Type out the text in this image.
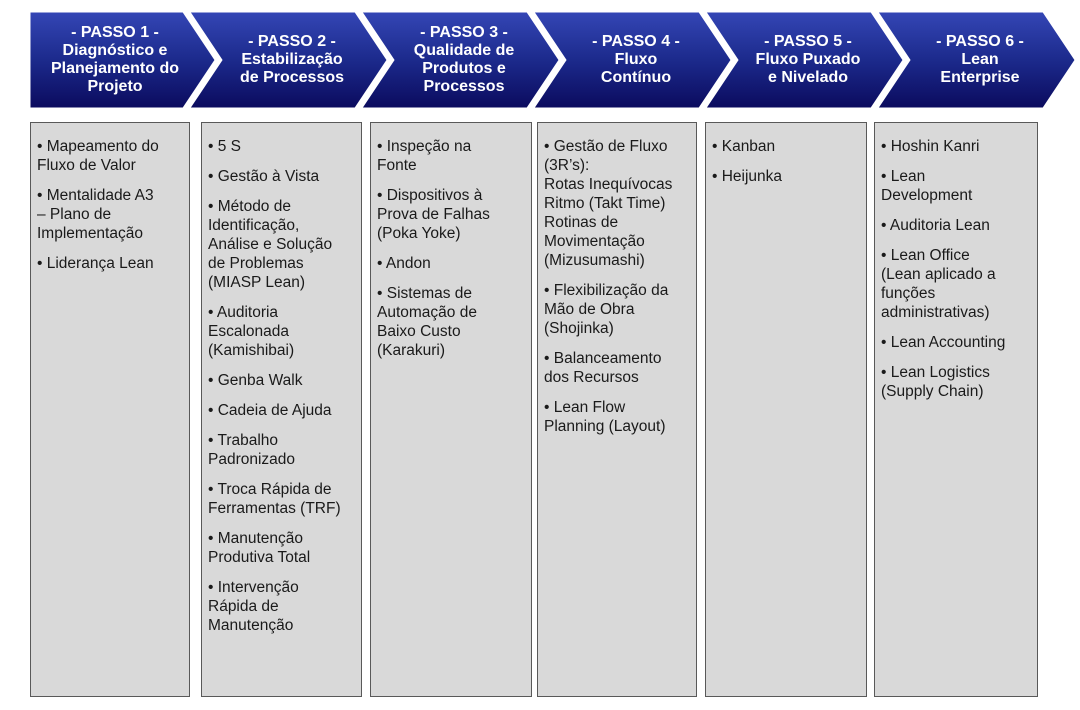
- PASSO 1 -
Diagnóstico e
Planejamento do
Projeto
- PASSO 2 -
Estabilização
de Processos
- PASSO 3 -
Qualidade de
Produtos e
Processos
- PASSO 4 -
Fluxo
Contínuo
- PASSO 5 -
Fluxo Puxado
e Nivelado
- PASSO 6 -
Lean
Enterprise
• Mapeamento do
Fluxo de Valor
• Mentalidade A3
– Plano de
Implementação
• Liderança Lean
• 5 S
• Gestão à Vista
• Método de
Identificação,
Análise e Solução
de Problemas
(MIASP Lean)
• Auditoria
Escalonada
(Kamishibai)
• Genba Walk
• Cadeia de Ajuda
• Trabalho
Padronizado
• Troca Rápida de
Ferramentas (TRF)
• Manutenção
Produtiva Total
• Intervenção
Rápida de
Manutenção
• Inspeção na
Fonte
• Dispositivos à
Prova de Falhas
(Poka Yoke)
• Andon
• Sistemas de
Automação de
Baixo Custo
(Karakuri)
• Gestão de Fluxo
(3R’s):
Rotas Inequívocas
Ritmo (Takt Time)
Rotinas de
Movimentação
(Mizusumashi)
• Flexibilização da
Mão de Obra
(Shojinka)
• Balanceamento
dos Recursos
• Lean Flow
Planning (Layout)
• Kanban
• Heijunka
• Hoshin Kanri
• Lean
Development
• Auditoria Lean
• Lean Office
(Lean aplicado a
funções
administrativas)
• Lean Accounting
• Lean Logistics
(Supply Chain)
